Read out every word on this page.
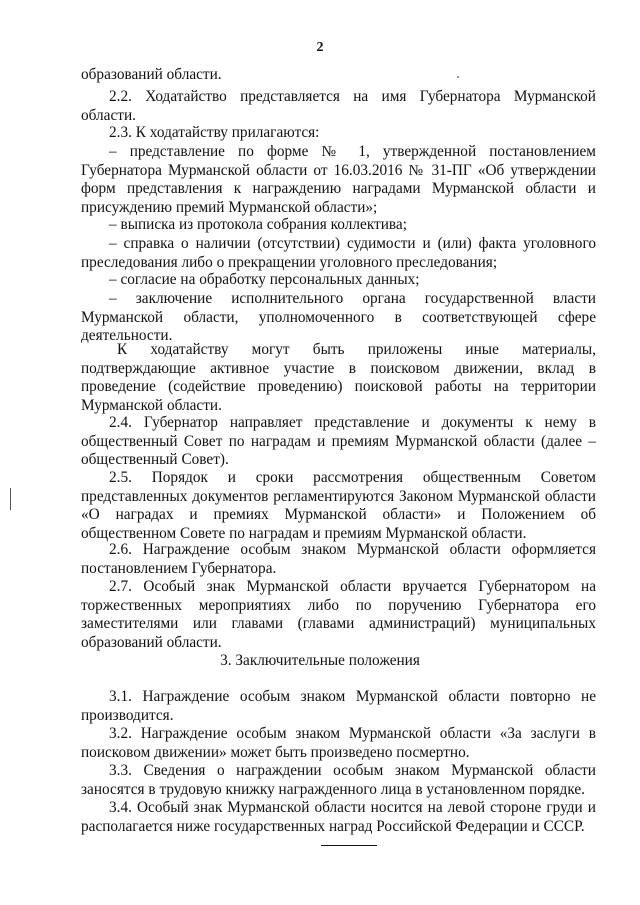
2
образований области.
2.2. Ходатайство представляется на имя Губернатора Мурманской области.
2.3. К ходатайству прилагаются:
– представление по форме № 1, утвержденной постановлением Губернатора Мурманской области от 16.03.2016 № 31-ПГ «Об утверждении форм представления к награждению наградами Мурманской области и присуждению премий Мурманской области»;
– выписка из протокола собрания коллектива;
– справка о наличии (отсутствии) судимости и (или) факта уголовного преследования либо о прекращении уголовного преследования;
– согласие на обработку персональных данных;
– заключение исполнительного органа государственной власти Мурманской области, уполномоченного в соответствующей сфере деятельности.
К ходатайству могут быть приложены иные материалы, подтверждающие активное участие в поисковом движении, вклад в проведение (содействие проведению) поисковой работы на территории Мурманской области.
2.4. Губернатор направляет представление и документы к нему в общественный Совет по наградам и премиям Мурманской области (далее – общественный Совет).
2.5. Порядок и сроки рассмотрения общественным Советом представленных документов регламентируются Законом Мурманской области «О наградах и премиях Мурманской области» и Положением об общественном Совете по наградам и премиям Мурманской области.
2.6. Награждение особым знаком Мурманской области оформляется постановлением Губернатора.
2.7. Особый знак Мурманской области вручается Губернатором на торжественных мероприятиях либо по поручению Губернатора его заместителями или главами (главами администраций) муниципальных образований области.
3. Заключительные положения
3.1. Награждение особым знаком Мурманской области повторно не производится.
3.2. Награждение особым знаком Мурманской области «За заслуги в поисковом движении» может быть произведено посмертно.
3.3. Сведения о награждении особым знаком Мурманской области заносятся в трудовую книжку награжденного лица в установленном порядке.
3.4. Особый знак Мурманской области носится на левой стороне груди и располагается ниже государственных наград Российской Федерации и СССР.
